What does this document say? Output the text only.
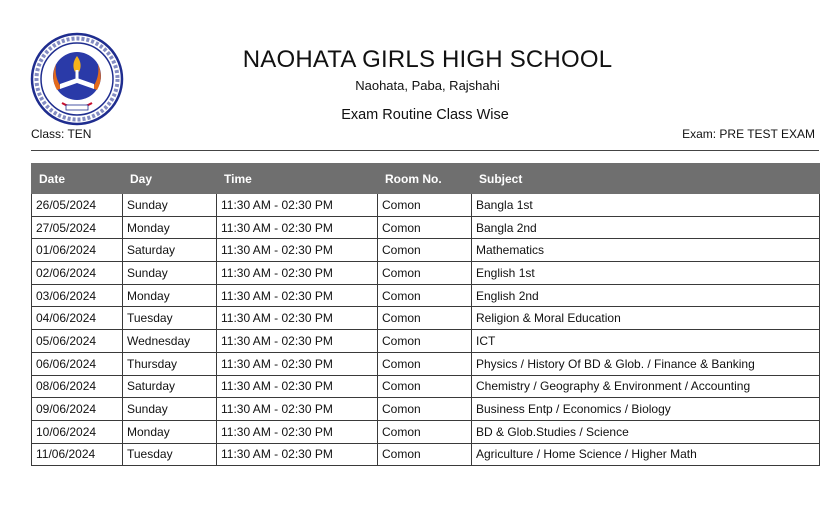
NAOHATA GIRLS HIGH SCHOOL
Naohata, Paba, Rajshahi
Exam Routine Class Wise
Class: TEN	Exam: PRE TEST EXAM
Date	Day	Time	Room No.	Subject
26/05/2024	Sunday	11:30 AM - 02:30 PM	Comon	Bangla 1st
27/05/2024	Monday	11:30 AM - 02:30 PM	Comon	Bangla 2nd
01/06/2024	Saturday	11:30 AM - 02:30 PM	Comon	Mathematics
02/06/2024	Sunday	11:30 AM - 02:30 PM	Comon	English 1st
03/06/2024	Monday	11:30 AM - 02:30 PM	Comon	English 2nd
04/06/2024	Tuesday	11:30 AM - 02:30 PM	Comon	Religion & Moral Education
05/06/2024	Wednesday	11:30 AM - 02:30 PM	Comon	ICT
06/06/2024	Thursday	11:30 AM - 02:30 PM	Comon	Physics / History Of BD & Glob. / Finance & Banking
08/06/2024	Saturday	11:30 AM - 02:30 PM	Comon	Chemistry / Geography & Environment / Accounting
09/06/2024	Sunday	11:30 AM - 02:30 PM	Comon	Business Entp / Economics / Biology
10/06/2024	Monday	11:30 AM - 02:30 PM	Comon	BD & Glob.Studies / Science
11/06/2024	Tuesday	11:30 AM - 02:30 PM	Comon	Agriculture / Home Science / Higher Math
